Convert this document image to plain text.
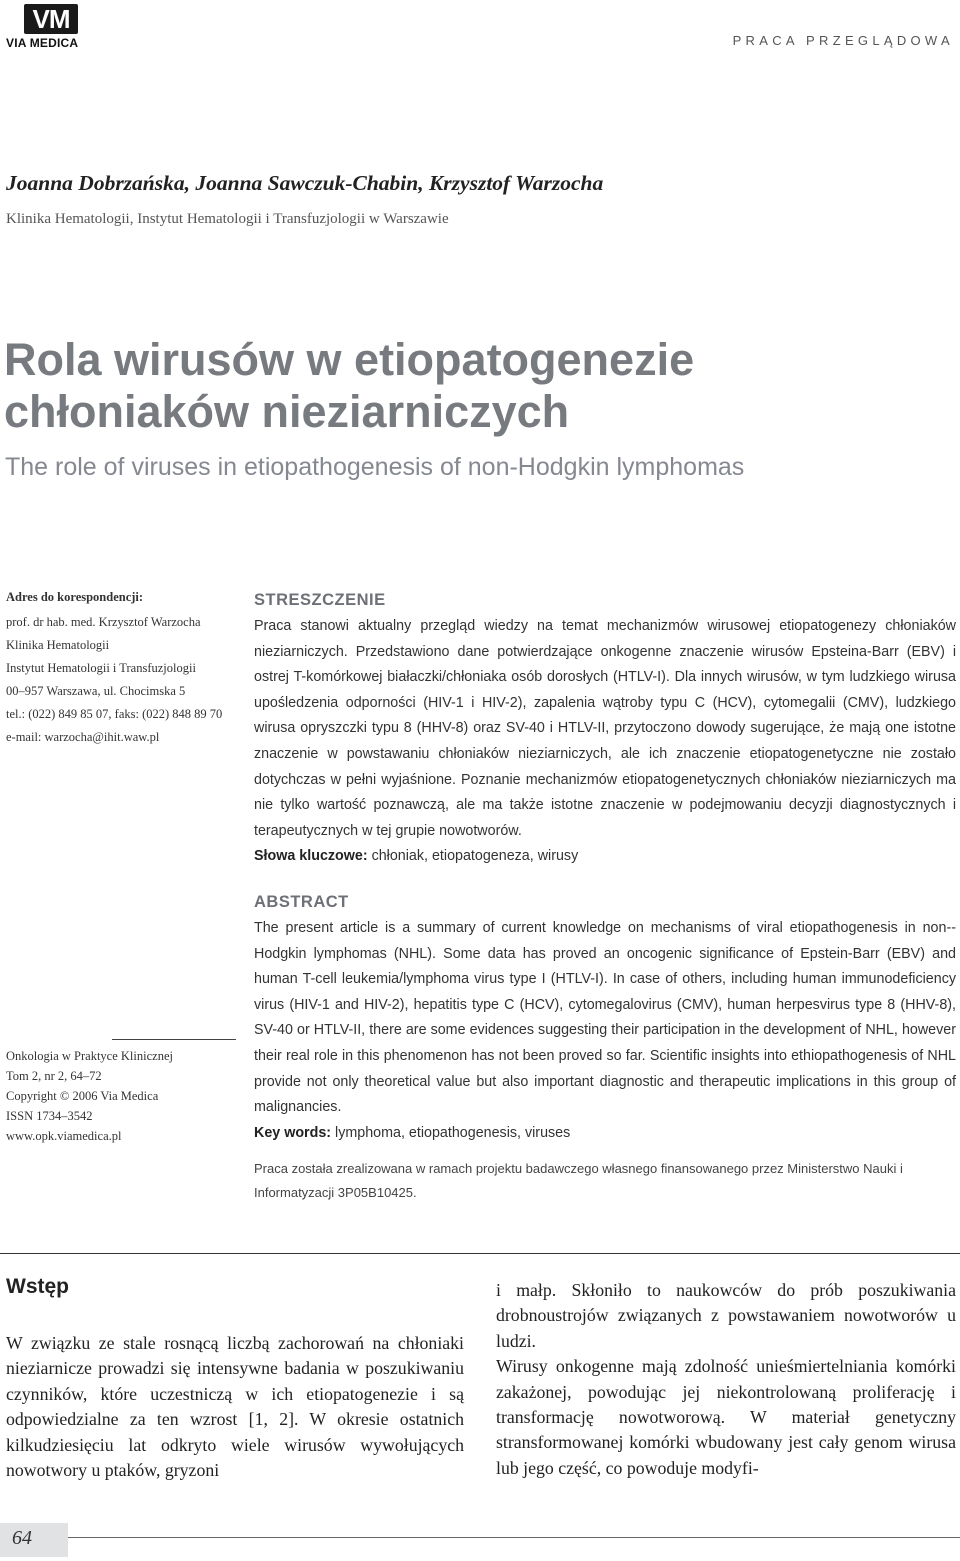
VM
VIA MEDICA	PRACA PRZEGLĄDOWA
Joanna Dobrzańska, Joanna Sawczuk-Chabin, Krzysztof Warzocha
Klinika Hematologii, Instytut Hematologii i Transfuzjologii w Warszawie
Rola wirusów w etiopatogenezie
chłoniaków nieziarniczych
The role of viruses in etiopathogenesis of non-Hodgkin lymphomas
Adres do korespondencji:
prof. dr hab. med. Krzysztof Warzocha
Klinika Hematologii
Instytut Hematologii i Transfuzjologii
00–957 Warszawa, ul. Chocimska 5
tel.: (022) 849 85 07, faks: (022) 848 89 70
e-mail: warzocha@ihit.waw.pl
STRESZCZENIE
Praca stanowi aktualny przegląd wiedzy na temat mechanizmów wirusowej etiopatogenezy chłoniaków nieziarniczych. Przedstawiono dane potwierdzające onkogenne znaczenie wirusów Epsteina-Barr (EBV) i ostrej T-komórkowej białaczki/chłoniaka osób dorosłych (HTLV-I). Dla innych wirusów, w tym ludzkiego wirusa upośledzenia odporności (HIV-1 i HIV-2), zapalenia wątroby typu C (HCV), cytomegalii (CMV), ludzkiego wirusa opryszczki typu 8 (HHV-8) oraz SV-40 i HTLV-II, przytoczono dowody sugerujące, że mają one istotne znaczenie w powstawaniu chłoniaków nieziarniczych, ale ich znaczenie etiopatogenetyczne nie zostało dotychczas w pełni wyjaśnione. Poznanie mechanizmów etiopatogenetycznych chłoniaków nieziarniczych ma nie tylko wartość poznawczą, ale ma także istotne znaczenie w podejmowaniu decyzji diagnostycznych i terapeutycznych w tej grupie nowotworów.
Słowa kluczowe: chłoniak, etiopatogeneza, wirusy
ABSTRACT
The present article is a summary of current knowledge on mechanisms of viral etiopathogenesis in non--Hodgkin lymphomas (NHL). Some data has proved an oncogenic significance of Epstein-Barr (EBV) and human T-cell leukemia/lymphoma virus type I (HTLV-I). In case of others, including human immunodeficiency virus (HIV-1 and HIV-2), hepatitis type C (HCV), cytomegalovirus (CMV), human herpesvirus type 8 (HHV-8), SV-40 or HTLV-II, there are some evidences suggesting their participation in the development of NHL, however their real role in this phenomenon has not been proved so far. Scientific insights into ethiopathogenesis of NHL provide not only theoretical value but also important diagnostic and therapeutic implications in this group of malignancies.
Key words: lymphoma, etiopathogenesis, viruses
Praca została zrealizowana w ramach projektu badawczego własnego finansowanego przez Ministerstwo Nauki i Informatyzacji 3P05B10425.
Onkologia w Praktyce Klinicznej
Tom 2, nr 2, 64–72
Copyright © 2006 Via Medica
ISSN 1734–3542
www.opk.viamedica.pl
Wstęp
W związku ze stale rosnącą liczbą zachorowań na chłoniaki nieziarnicze prowadzi się intensywne badania w poszukiwaniu czynników, które uczestniczą w ich etiopatogenezie i są odpowiedzialne za ten wzrost [1, 2]. W okresie ostatnich kilkudziesięciu lat odkryto wiele wirusów wywołujących nowotwory u ptaków, gryzoni
i małp. Skłoniło to naukowców do prób poszukiwania drobnoustrojów związanych z powstawaniem nowotworów u ludzi.
Wirusy onkogenne mają zdolność unieśmiertelniania komórki zakażonej, powodując jej niekontrolowaną proliferację i transformację nowotworową. W materiał genetyczny stransformowanej komórki wbudowany jest cały genom wirusa lub jego część, co powoduje modyfi-
64
